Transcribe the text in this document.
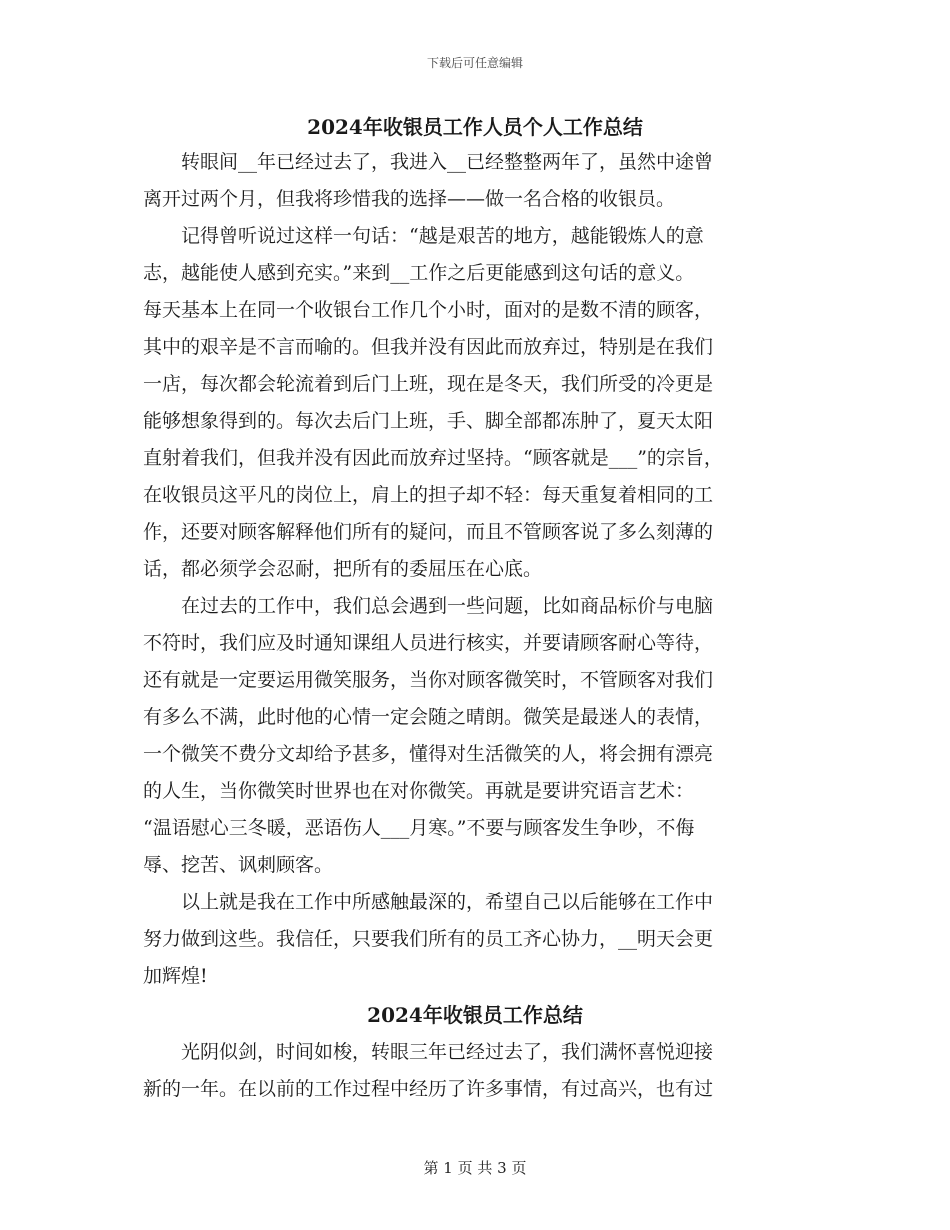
下载后可任意编辑
2024年收银员工作人员个人工作总结
　　转眼间__年已经过去了，我进入__已经整整两年了，虽然中途曾
离开过两个月，但我将珍惜我的选择——做一名合格的收银员。
　　记得曾听说过这样一句话：“越是艰苦的地方，越能锻炼人的意
志，越能使人感到充实。”来到__工作之后更能感到这句话的意义。
每天基本上在同一个收银台工作几个小时，面对的是数不清的顾客，
其中的艰辛是不言而喻的。但我并没有因此而放弃过，特别是在我们
一店，每次都会轮流着到后门上班，现在是冬天，我们所受的冷更是
能够想象得到的。每次去后门上班，手、脚全部都冻肿了，夏天太阳
直射着我们，但我并没有因此而放弃过坚持。“顾客就是___”的宗旨，
在收银员这平凡的岗位上，肩上的担子却不轻：每天重复着相同的工
作，还要对顾客解释他们所有的疑问，而且不管顾客说了多么刻薄的
话，都必须学会忍耐，把所有的委屈压在心底。
　　在过去的工作中，我们总会遇到一些问题，比如商品标价与电脑
不符时，我们应及时通知课组人员进行核实，并要请顾客耐心等待，
还有就是一定要运用微笑服务，当你对顾客微笑时，不管顾客对我们
有多么不满，此时他的心情一定会随之晴朗。微笑是最迷人的表情，
一个微笑不费分文却给予甚多，懂得对生活微笑的人，将会拥有漂亮
的人生，当你微笑时世界也在对你微笑。再就是要讲究语言艺术：
“温语慰心三冬暖，恶语伤人___月寒。”不要与顾客发生争吵，不侮
辱、挖苦、讽刺顾客。
　　以上就是我在工作中所感触最深的，希望自己以后能够在工作中
努力做到这些。我信任，只要我们所有的员工齐心协力，__明天会更
加辉煌!
2024年收银员工作总结
　　光阴似剑，时间如梭，转眼三年已经过去了，我们满怀喜悦迎接
新的一年。在以前的工作过程中经历了许多事情，有过高兴，也有过
第 1 页 共 3 页
